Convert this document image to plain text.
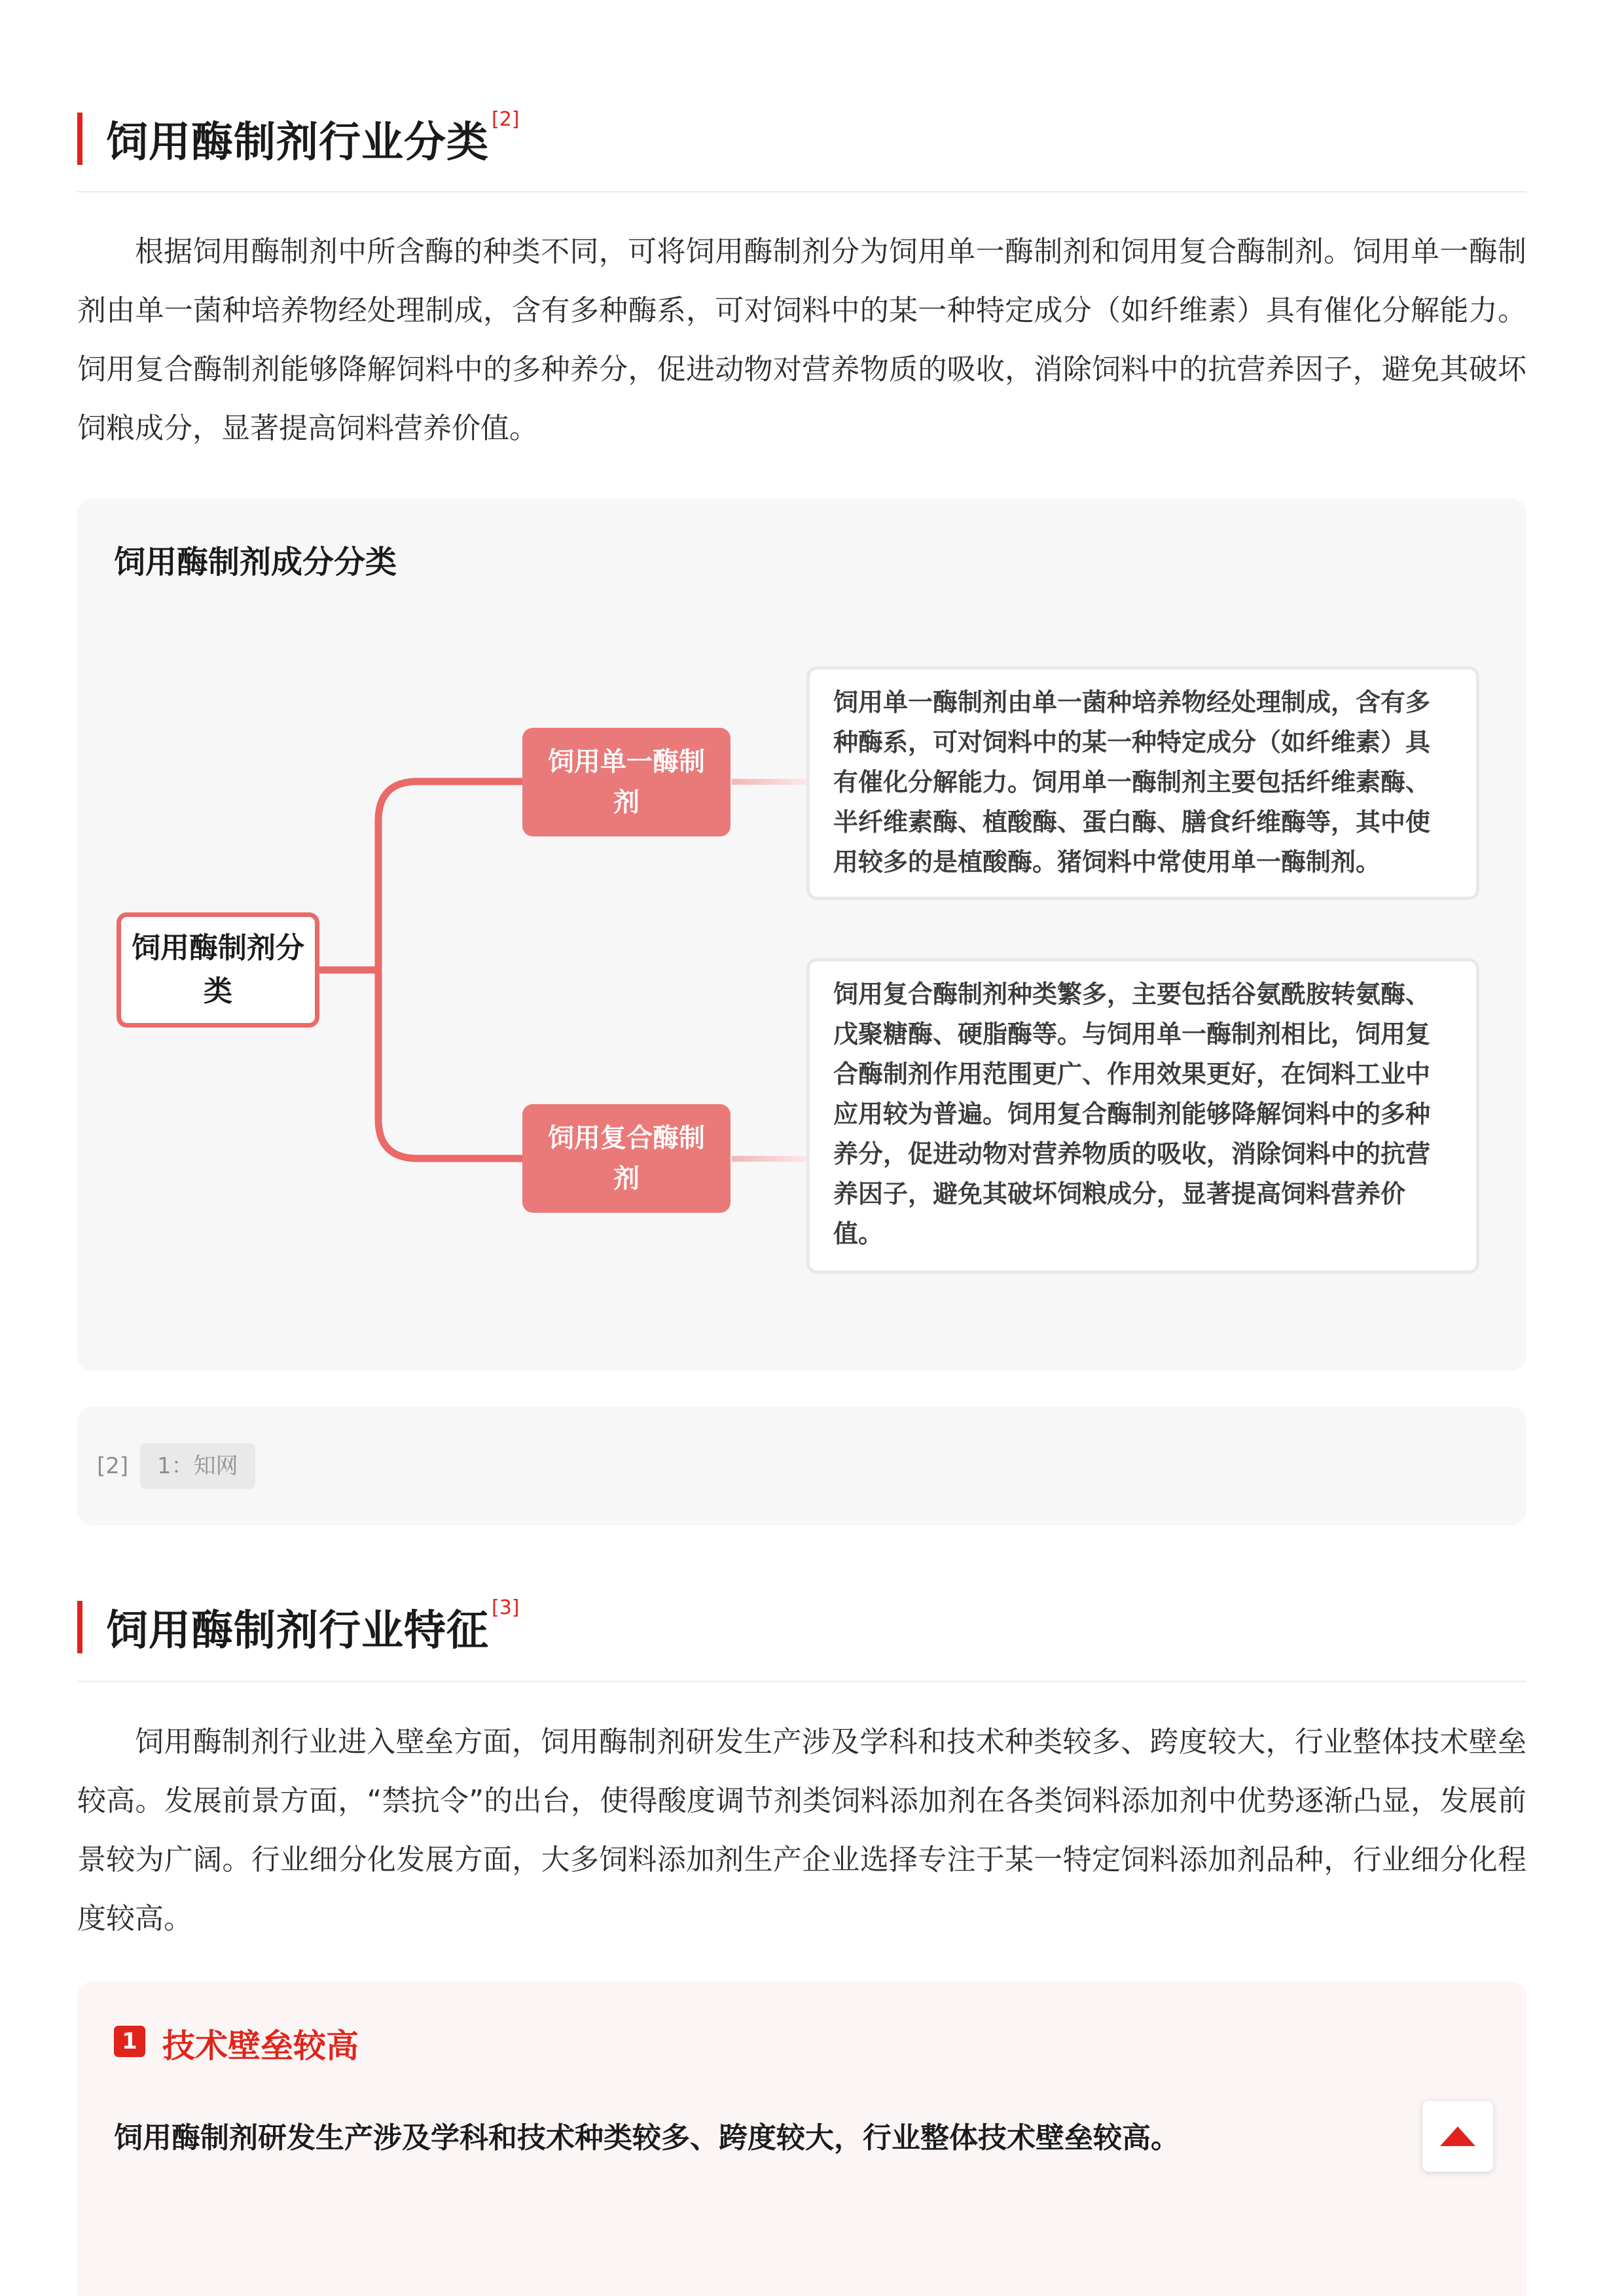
饲用酶制剂行业分类[2]

根据饲用酶制剂中所含酶的种类不同，可将饲用酶制剂分为饲用单一酶制剂和饲用复合酶制剂。饲用单一酶制剂由单一菌种培养物经处理制成，含有多种酶系，可对饲料中的某一种特定成分（如纤维素）具有催化分解能力。饲用复合酶制剂能够降解饲料中的多种养分，促进动物对营养物质的吸收，消除饲料中的抗营养因子，避免其破坏饲粮成分，显著提高饲料营养价值。

饲用酶制剂成分分类
饲用酶制剂分类
饲用单一酶制剂
饲用复合酶制剂
饲用单一酶制剂由单一菌种培养物经处理制成，含有多种酶系，可对饲料中的某一种特定成分（如纤维素）具有催化分解能力。饲用单一酶制剂主要包括纤维素酶、半纤维素酶、植酸酶、蛋白酶、膳食纤维酶等，其中使用较多的是植酸酶。猪饲料中常使用单一酶制剂。
饲用复合酶制剂种类繁多，主要包括谷氨酰胺转氨酶、戊聚糖酶、硬脂酶等。与饲用单一酶制剂相比，饲用复合酶制剂作用范围更广、作用效果更好，在饲料工业中应用较为普遍。饲用复合酶制剂能够降解饲料中的多种养分，促进动物对营养物质的吸收，消除饲料中的抗营养因子，避免其破坏饲粮成分，显著提高饲料营养价值。
[2]	1：知网
饲用酶制剂行业特征[3]

饲用酶制剂行业进入壁垒方面，饲用酶制剂研发生产涉及学科和技术种类较多、跨度较大，行业整体技术壁垒较高。发展前景方面，“禁抗令”的出台，使得酸度调节剂类饲料添加剂在各类饲料添加剂中优势逐渐凸显，发展前景较为广阔。行业细分化发展方面，大多饲料添加剂生产企业选择专注于某一特定饲料添加剂品种，行业细分化程度较高。

1 技术壁垒较高
饲用酶制剂研发生产涉及学科和技术种类较多、跨度较大，行业整体技术壁垒较高。
